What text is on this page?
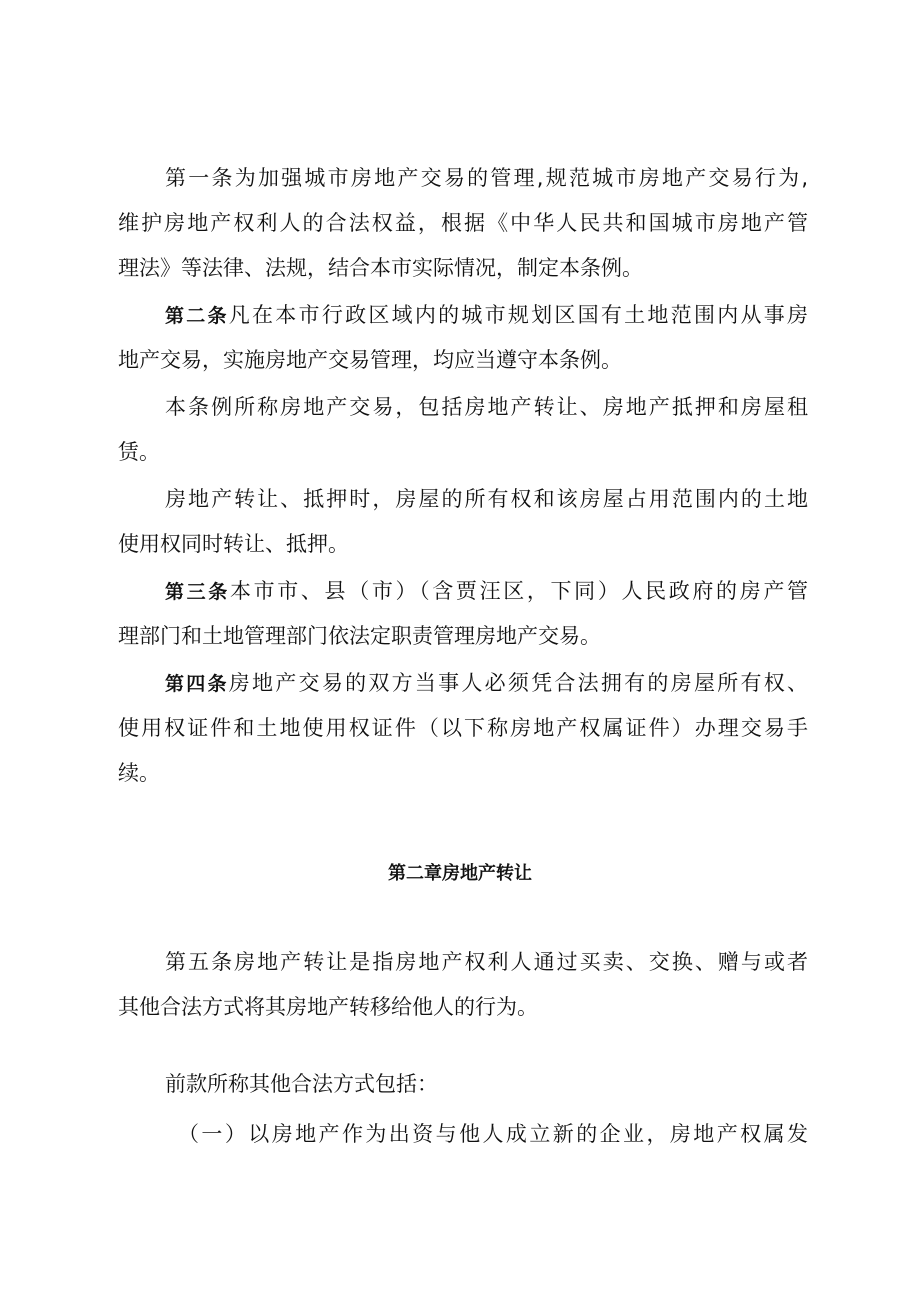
第一条为加强城市房地产交易的管理,规范城市房地产交易行为,
维护房地产权利人的合法权益，根据《中华人民共和国城市房地产管
理法》等法律、法规，结合本市实际情况，制定本条例。
第二条凡在本市行政区域内的城市规划区国有土地范围内从事房
地产交易，实施房地产交易管理，均应当遵守本条例。
本条例所称房地产交易，包括房地产转让、房地产抵押和房屋租
赁。
房地产转让、抵押时，房屋的所有权和该房屋占用范围内的土地
使用权同时转让、抵押。
第三条本市市、县（市）（含贾汪区，下同）人民政府的房产管
理部门和土地管理部门依法定职责管理房地产交易。
第四条房地产交易的双方当事人必须凭合法拥有的房屋所有权、
使用权证件和土地使用权证件（以下称房地产权属证件）办理交易手
续。
第二章房地产转让
第五条房地产转让是指房地产权利人通过买卖、交换、赠与或者
其他合法方式将其房地产转移给他人的行为。
前款所称其他合法方式包括：
（一）以房地产作为出资与他人成立新的企业，房地产权属发
